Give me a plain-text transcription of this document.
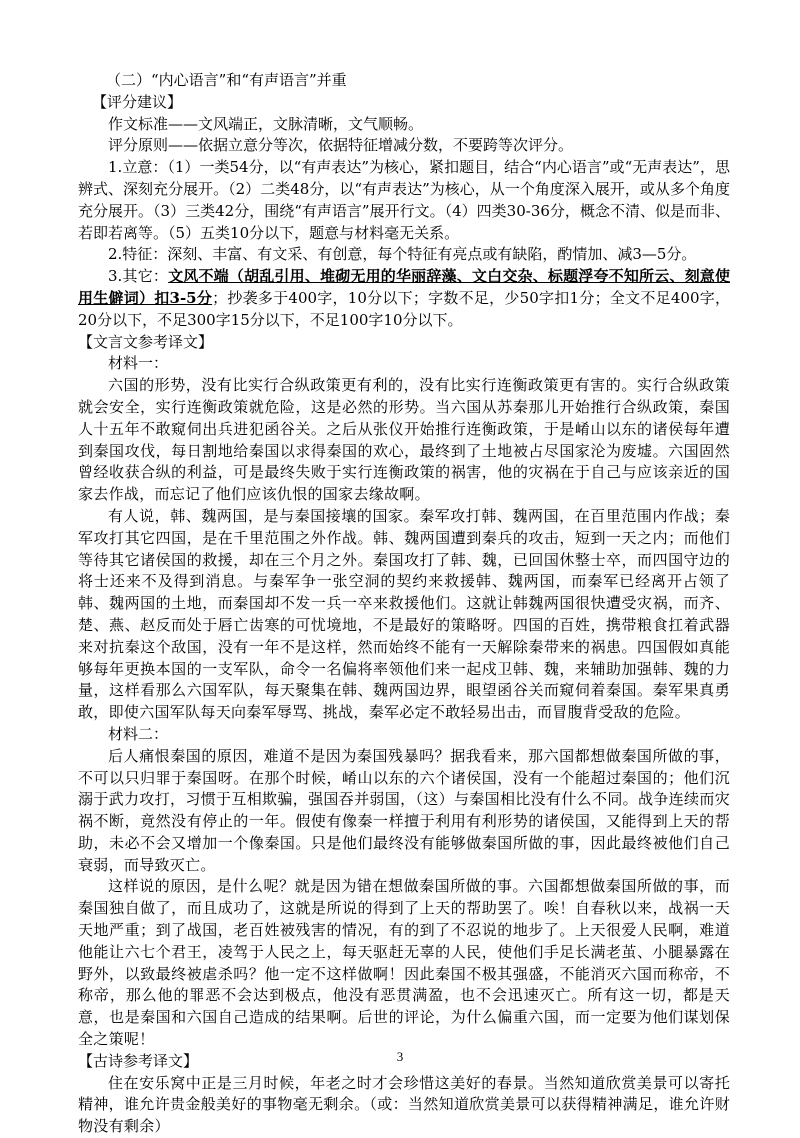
（二）“内心语言”和“有声语言”并重

【评分建议】

作文标准——文风端正，文脉清晰，文气顺畅。

评分原则——依据立意分等次，依据特征增减分数，不要跨等次评分。

1.立意：（1）一类54分，以“有声表达”为核心，紧扣题目，结合“内心语言”或“无声表达”，思辨式、深刻充分展开。（2）二类48分，以“有声表达”为核心，从一个角度深入展开，或从多个角度充分展开。（3）三类42分，围绕“有声语言”展开行文。（4）四类30-36分，概念不清、似是而非、若即若离等。（5）五类10分以下，题意与材料毫无关系。

2.特征：深刻、丰富、有文采、有创意，每个特征有亮点或有缺陷，酌情加、减3—5分。

3.其它：文风不端（胡乱引用、堆砌无用的华丽辞藻、文白交杂、标题浮夸不知所云、刻意使用生僻词）扣3-5分；抄袭多于400字，10分以下；字数不足，少50字扣1分；全文不足400字，20分以下，不足300字15分以下，不足100字10分以下。

【文言文参考译文】

材料一：

六国的形势，没有比实行合纵政策更有利的，没有比实行连衡政策更有害的。实行合纵政策就会安全，实行连衡政策就危险，这是必然的形势。当六国从苏秦那儿开始推行合纵政策，秦国人十五年不敢窥伺出兵进犯函谷关。之后从张仪开始推行连衡政策，于是崤山以东的诸侯每年遭到秦国攻伐，每日割地给秦国以求得秦国的欢心，最终到了土地被占尽国家沦为废墟。六国固然曾经收获合纵的利益，可是最终失败于实行连衡政策的祸害，他的灾祸在于自己与应该亲近的国家去作战，而忘记了他们应该仇恨的国家去缘故啊。

有人说，韩、魏两国，是与秦国接壤的国家。秦军攻打韩、魏两国，在百里范围内作战；秦军攻打其它四国，是在千里范围之外作战。韩、魏两国遭到秦兵的攻击，短到一天之内；而他们等待其它诸侯国的救援，却在三个月之外。秦国攻打了韩、魏，已回国休整士卒，而四国守边的将士还来不及得到消息。与秦军争一张空洞的契约来救援韩、魏两国，而秦军已经离开占领了韩、魏两国的土地，而秦国却不发一兵一卒来救援他们。这就让韩魏两国很快遭受灾祸，而齐、楚、燕、赵反而处于唇亡齿寒的可忧境地，不是最好的策略呀。四国的百姓，携带粮食扛着武器来对抗秦这个敌国，没有一年不是这样，然而始终不能有一天解除秦带来的祸患。四国假如真能够每年更换本国的一支军队，命令一名偏将率领他们来一起戍卫韩、魏，来辅助加强韩、魏的力量，这样看那么六国军队，每天聚集在韩、魏两国边界，眼望函谷关而窥伺着秦国。秦军果真勇敢，即使六国军队每天向秦军辱骂、挑战，秦军必定不敢轻易出击，而冒腹背受敌的危险。

材料二：

后人痛恨秦国的原因，难道不是因为秦国残暴吗？据我看来，那六国都想做秦国所做的事，不可以只归罪于秦国呀。在那个时候，崤山以东的六个诸侯国，没有一个能超过秦国的；他们沉溺于武力攻打，习惯于互相欺骗，强国吞并弱国，（这）与秦国相比没有什么不同。战争连续而灾祸不断，竟然没有停止的一年。假使有像秦一样擅于利用有利形势的诸侯国，又能得到上天的帮助，未必不会又增加一个像秦国。只是他们最终没有能够做秦国所做的事，因此最终被他们自己衰弱，而导致灭亡。

这样说的原因，是什么呢？就是因为错在想做秦国所做的事。六国都想做秦国所做的事，而秦国独自做了，而且成功了，这就是所说的得到了上天的帮助罢了。唉！自春秋以来，战祸一天天地严重；到了战国，老百姓被残害的情况，有的到了不忍说的地步了。上天很爱人民啊，难道他能让六七个君王，凌驾于人民之上，每天驱赶无辜的人民，使他们手足长满老茧、小腿暴露在野外，以致最终被虐杀吗？他一定不这样做啊！因此秦国不极其强盛，不能消灭六国而称帝，不称帝，那么他的罪恶不会达到极点，他没有恶贯满盈，也不会迅速灭亡。所有这一切，都是天意，也是秦国和六国自己造成的结果啊。后世的评论，为什么偏重六国，而一定要为他们谋划保全之策呢！

【古诗参考译文】

住在安乐窝中正是三月时候，年老之时才会珍惜这美好的春景。当然知道欣赏美景可以寄托精神，谁允许贵金般美好的事物毫无剩余。（或：当然知道欣赏美景可以获得精神满足，谁允许财物没有剩余）

3
